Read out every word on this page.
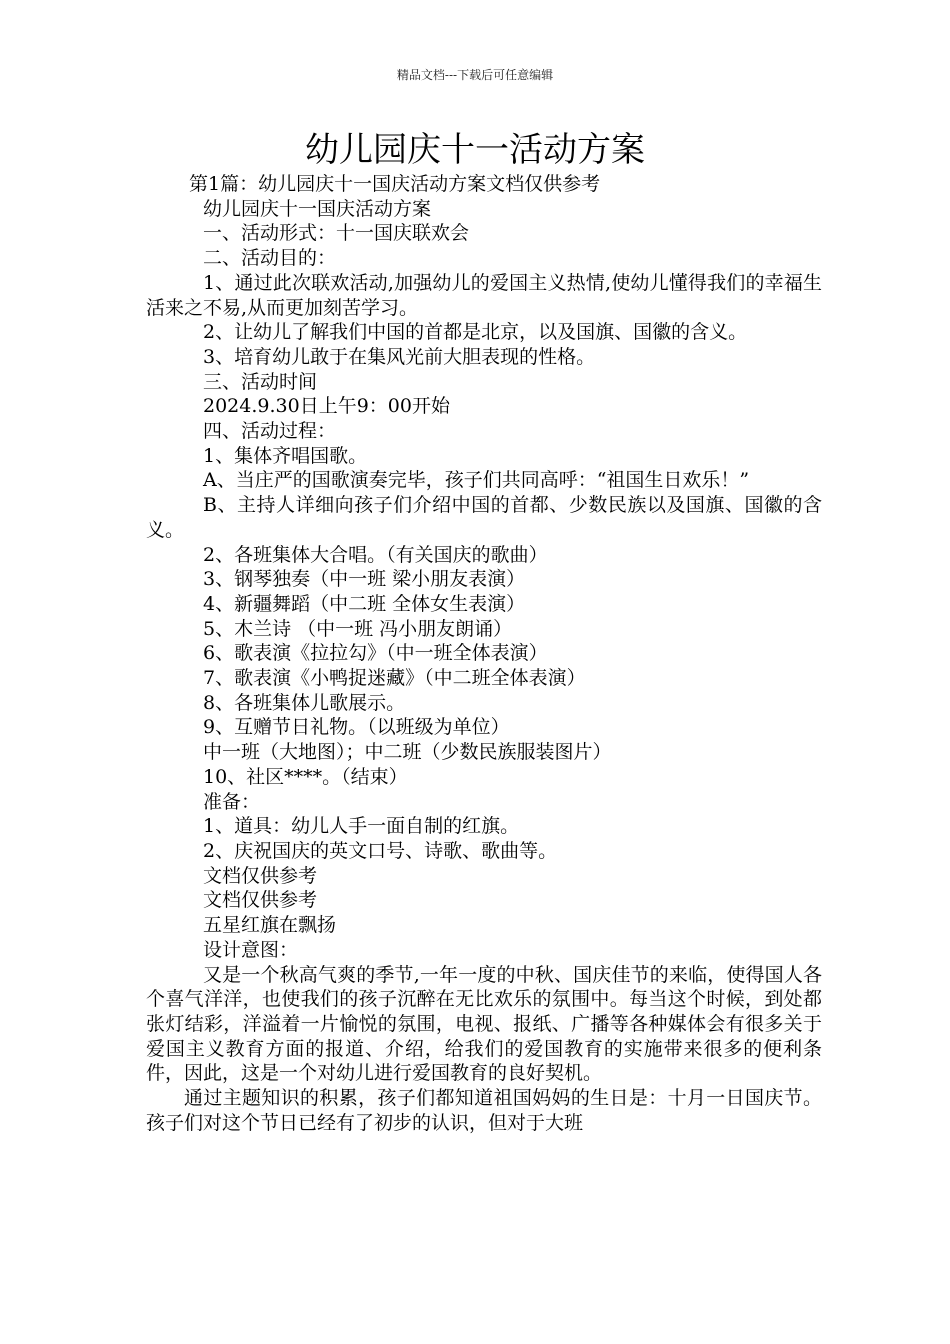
精品文档---下载后可任意编辑
幼儿园庆十一活动方案
第1篇：幼儿园庆十一国庆活动方案文档仅供参考
幼儿园庆十一国庆活动方案
一、活动形式：十一国庆联欢会
二、活动目的：
1、通过此次联欢活动,加强幼儿的爱国主义热情,使幼儿懂得我们的幸福生活来之不易,从而更加刻苦学习。
2、让幼儿了解我们中国的首都是北京，以及国旗、国徽的含义。
3、培育幼儿敢于在集风光前大胆表现的性格。
三、活动时间
2024.9.30日上午9：00开始
四、活动过程：
1、集体齐唱国歌。
A、当庄严的国歌演奏完毕，孩子们共同高呼：“祖国生日欢乐！”
B、主持人详细向孩子们介绍中国的首都、少数民族以及国旗、国徽的含义。
2、各班集体大合唱。（有关国庆的歌曲）
3、钢琴独奏（中一班 梁小朋友表演）
4、新疆舞蹈（中二班 全体女生表演）
5、木兰诗 （中一班 冯小朋友朗诵）
6、歌表演《拉拉勾》（中一班全体表演）
7、歌表演《小鸭捉迷藏》（中二班全体表演）
8、各班集体儿歌展示。
9、互赠节日礼物。（以班级为单位）
中一班（大地图）；中二班（少数民族服装图片）
10、社区****。（结束）
准备：
1、道具：幼儿人手一面自制的红旗。
2、庆祝国庆的英文口号、诗歌、歌曲等。
文档仅供参考
文档仅供参考
五星红旗在飘扬
设计意图：
又是一个秋高气爽的季节,一年一度的中秋、国庆佳节的来临，使得国人各个喜气洋洋，也使我们的孩子沉醉在无比欢乐的氛围中。每当这个时候，到处都张灯结彩，洋溢着一片愉悦的氛围，电视、报纸、广播等各种媒体会有很多关于爱国主义教育方面的报道、介绍，给我们的爱国教育的实施带来很多的便利条件，因此，这是一个对幼儿进行爱国教育的良好契机。
通过主题知识的积累，孩子们都知道祖国妈妈的生日是：十月一日国庆节。孩子们对这个节日已经有了初步的认识，但对于大班
